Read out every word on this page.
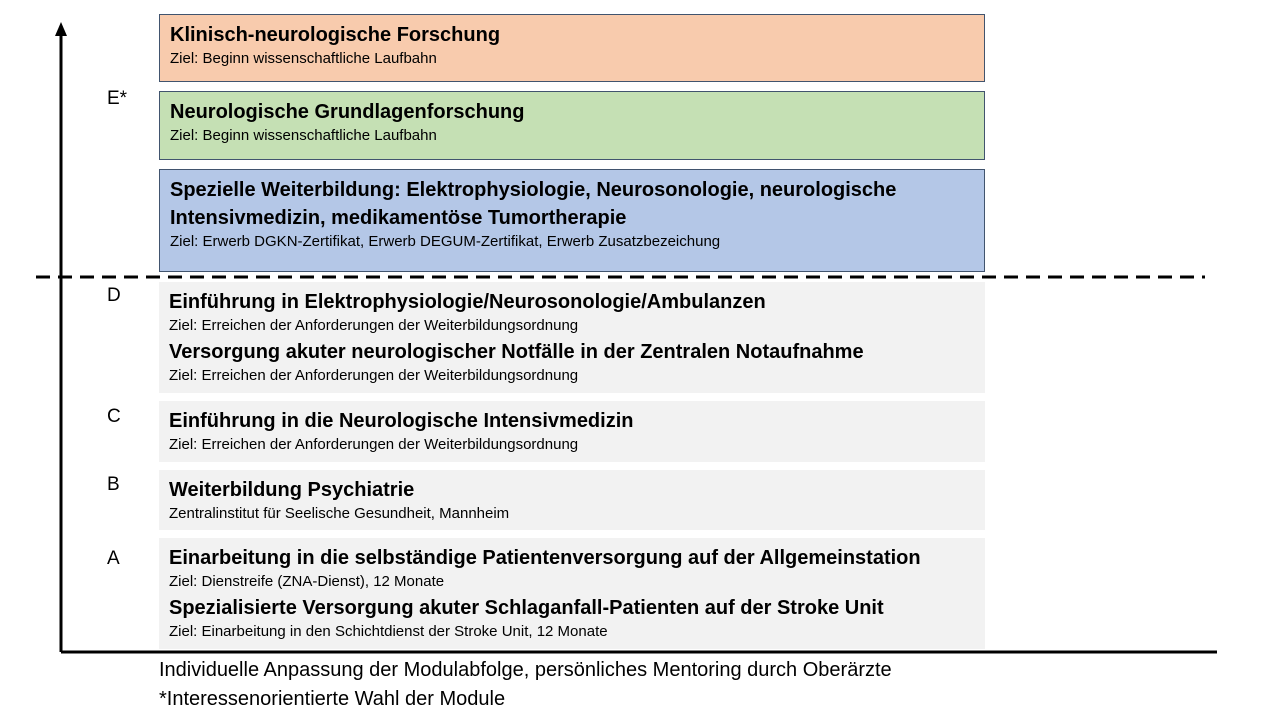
E*
D
C
B
A
Klinisch-neurologische Forschung
Ziel: Beginn wissenschaftliche Laufbahn
Neurologische Grundlagenforschung
Ziel: Beginn wissenschaftliche Laufbahn
Spezielle Weiterbildung: Elektrophysiologie, Neurosonologie, neurologische
Intensivmedizin, medikamentöse Tumortherapie
Ziel: Erwerb DGKN-Zertifikat, Erwerb DEGUM-Zertifikat, Erwerb Zusatzbezeichung
Einführung in Elektrophysiologie/Neurosonologie/Ambulanzen
Ziel: Erreichen der Anforderungen der Weiterbildungsordnung
Versorgung akuter neurologischer Notfälle in der Zentralen Notaufnahme
Ziel: Erreichen der Anforderungen der Weiterbildungsordnung
Einführung in die Neurologische Intensivmedizin
Ziel: Erreichen der Anforderungen der Weiterbildungsordnung
Weiterbildung Psychiatrie
Zentralinstitut für Seelische Gesundheit, Mannheim
Einarbeitung in die selbständige Patientenversorgung auf der Allgemeinstation
Ziel: Dienstreife (ZNA-Dienst), 12 Monate
Spezialisierte Versorgung akuter Schlaganfall-Patienten auf der Stroke Unit
Ziel: Einarbeitung in den Schichtdienst der Stroke Unit, 12 Monate
Individuelle Anpassung der Modulabfolge, persönliches Mentoring durch Oberärzte
*Interessenorientierte Wahl der Module
